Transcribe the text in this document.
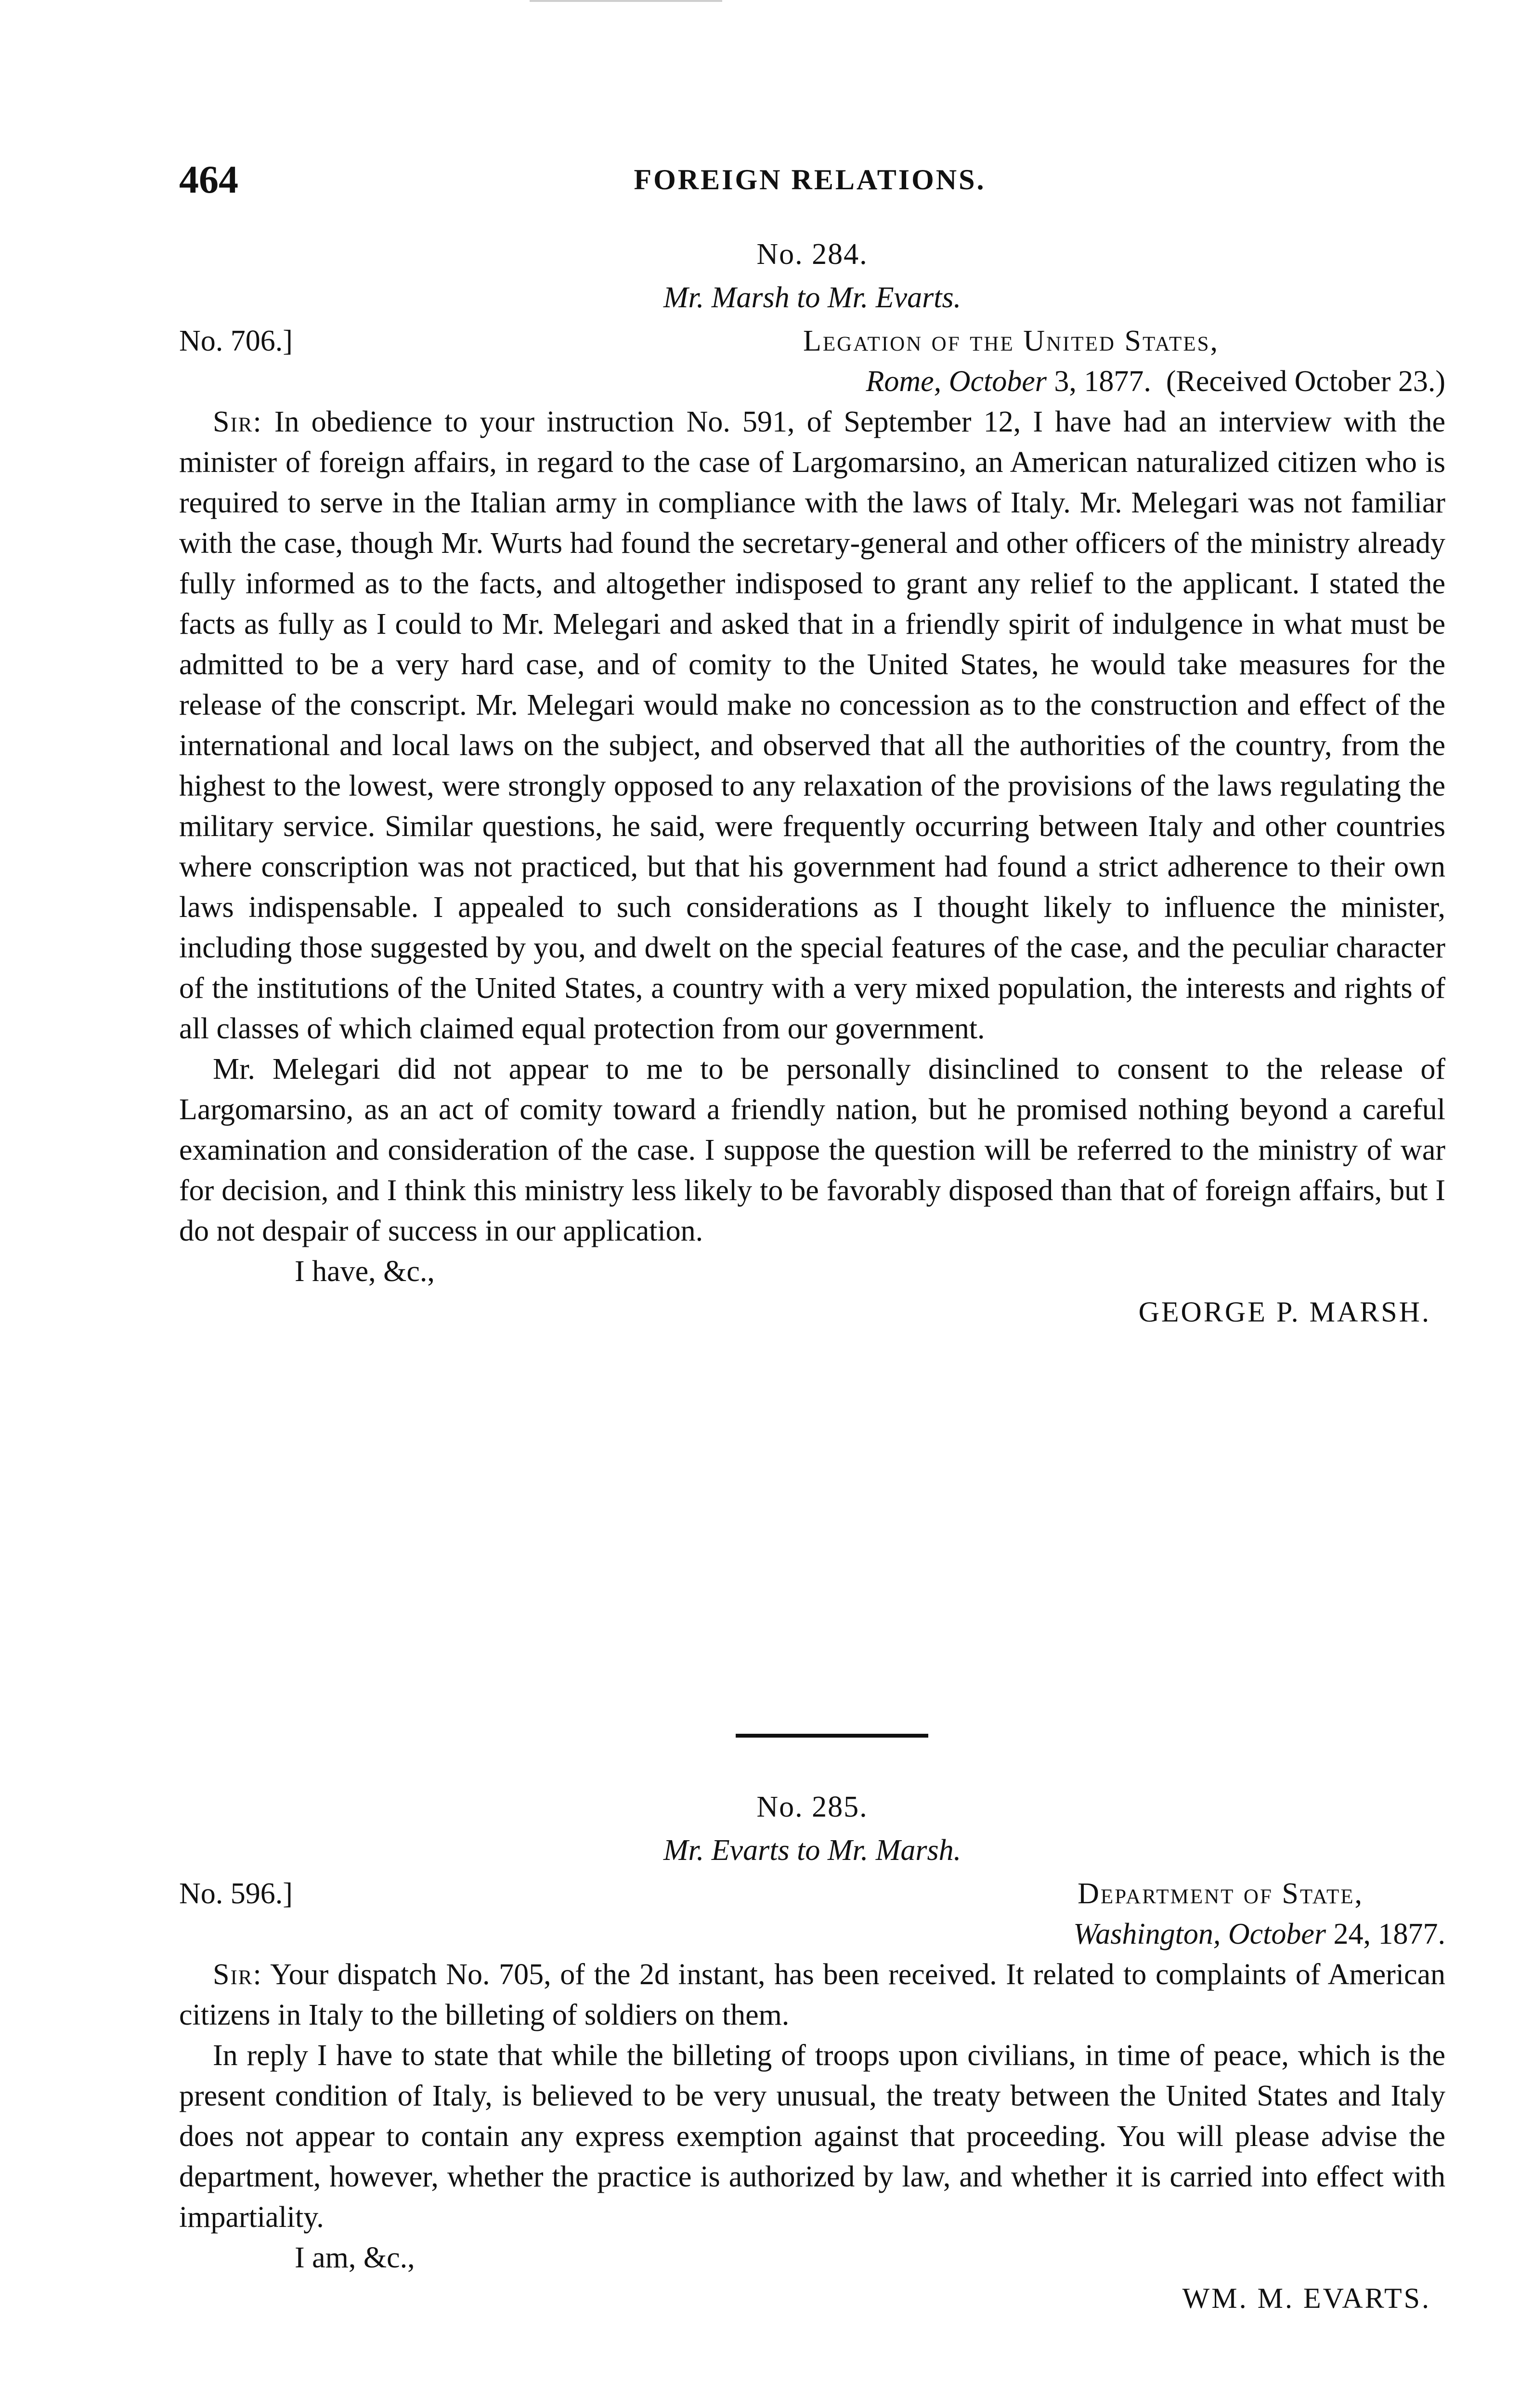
464	FOREIGN RELATIONS.
No. 284.
Mr. Marsh to Mr. Evarts.
No. 706.]	Legation of the United States,
Rome, October 3, 1877. (Received October 23.)

Sir: In obedience to your instruction No. 591, of September 12, I have had an interview with the minister of foreign affairs, in regard to the case of Largomarsino, an American naturalized citizen who is required to serve in the Italian army in compliance with the laws of Italy. Mr. Melegari was not familiar with the case, though Mr. Wurts had found the secretary-general and other officers of the ministry already fully informed as to the facts, and altogether indisposed to grant any relief to the applicant. I stated the facts as fully as I could to Mr. Melegari and asked that in a friendly spirit of indulgence in what must be admitted to be a very hard case, and of comity to the United States, he would take measures for the release of the conscript. Mr. Melegari would make no concession as to the construction and effect of the international and local laws on the subject, and observed that all the authorities of the country, from the highest to the lowest, were strongly opposed to any relaxation of the provisions of the laws regulating the military service. Similar questions, he said, were frequently occurring between Italy and other countries where conscription was not practiced, but that his government had found a strict adherence to their own laws indispensable. I appealed to such considerations as I thought likely to influence the minister, including those suggested by you, and dwelt on the special features of the case, and the peculiar character of the institutions of the United States, a country with a very mixed population, the interests and rights of all classes of which claimed equal protection from our government.

Mr. Melegari did not appear to me to be personally disinclined to consent to the release of Largomarsino, as an act of comity toward a friendly nation, but he promised nothing beyond a careful examination and consideration of the case. I suppose the question will be referred to the ministry of war for decision, and I think this ministry less likely to be favorably disposed than that of foreign affairs, but I do not despair of success in our application.

I have, &c.,
GEORGE P. MARSH.
No. 285.
Mr. Evarts to Mr. Marsh.
No. 596.]	Department of State,
Washington, October 24, 1877.

Sir: Your dispatch No. 705, of the 2d instant, has been received. It related to complaints of American citizens in Italy to the billeting of soldiers on them.

In reply I have to state that while the billeting of troops upon civilians, in time of peace, which is the present condition of Italy, is believed to be very unusual, the treaty between the United States and Italy does not appear to contain any express exemption against that proceeding. You will please advise the department, however, whether the practice is authorized by law, and whether it is carried into effect with impartiality.

I am, &c.,
WM. M. EVARTS.
